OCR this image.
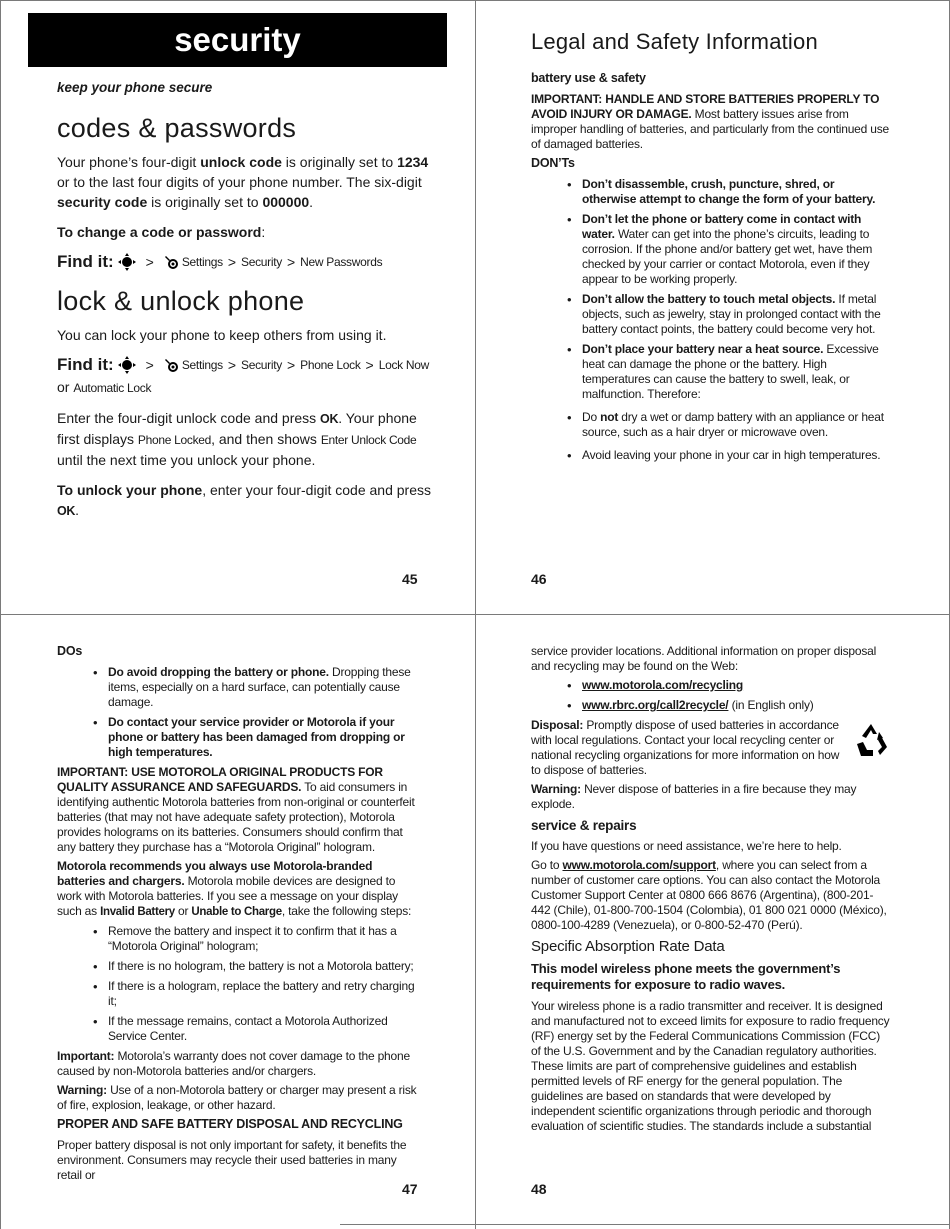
security

keep your phone secure

codes & passwords

Your phone’s four-digit unlock code is originally set to 1234 or to the last four digits of your phone number. The six-digit security code is originally set to 000000.

To change a code or password:

Find it: > Settings > Security > New Passwords
lock & unlock phone

You can lock your phone to keep others from using it.

Find it: > Settings > Security > Phone Lock > Lock Now

or Automatic Lock

Enter the four-digit unlock code and press OK. Your phone first displays Phone Locked, and then shows Enter Unlock Code until the next time you unlock your phone.

To unlock your phone, enter your four-digit code and press OK.

45
Legal and Safety Information
battery use & safety

IMPORTANT: HANDLE AND STORE BATTERIES PROPERLY TO AVOID INJURY OR DAMAGE. Most battery issues arise from improper handling of batteries, and particularly from the continued use of damaged batteries.

DON’Ts
• Don’t disassemble, crush, puncture, shred, or otherwise attempt to change the form of your battery.
• Don’t let the phone or battery come in contact with water. Water can get into the phone’s circuits, leading to corrosion. If the phone and/or battery get wet, have them checked by your carrier or contact Motorola, even if they appear to be working properly.
• Don’t allow the battery to touch metal objects. If metal objects, such as jewelry, stay in prolonged contact with the battery contact points, the battery could become very hot.
• Don’t place your battery near a heat source. Excessive heat can damage the phone or the battery. High temperatures can cause the battery to swell, leak, or malfunction. Therefore:
• Do not dry a wet or damp battery with an appliance or heat source, such as a hair dryer or microwave oven.
• Avoid leaving your phone in your car in high temperatures.
46
DOs
• Do avoid dropping the battery or phone. Dropping these items, especially on a hard surface, can potentially cause damage.
• Do contact your service provider or Motorola if your phone or battery has been damaged from dropping or high temperatures.

IMPORTANT: USE MOTOROLA ORIGINAL PRODUCTS FOR QUALITY ASSURANCE AND SAFEGUARDS. To aid consumers in identifying authentic Motorola batteries from non-original or counterfeit batteries (that may not have adequate safety protection), Motorola provides holograms on its batteries. Consumers should confirm that any battery they purchase has a “Motorola Original” hologram.

Motorola recommends you always use Motorola-branded batteries and chargers. Motorola mobile devices are designed to work with Motorola batteries. If you see a message on your display such as Invalid Battery or Unable to Charge, take the following steps:

• Remove the battery and inspect it to confirm that it has a “Motorola Original” hologram;
• If there is no hologram, the battery is not a Motorola battery;
• If there is a hologram, replace the battery and retry charging it;
• If the message remains, contact a Motorola Authorized Service Center.

Important: Motorola’s warranty does not cover damage to the phone caused by non-Motorola batteries and/or chargers.

Warning: Use of a non-Motorola battery or charger may present a risk of fire, explosion, leakage, or other hazard.

PROPER AND SAFE BATTERY DISPOSAL AND RECYCLING

Proper battery disposal is not only important for safety, it benefits the environment. Consumers may recycle their used batteries in many retail or

47

service provider locations. Additional information on proper disposal and recycling may be found on the Web:

• www.motorola.com/recycling
• www.rbrc.org/call2recycle/ (in English only)

Disposal: Promptly dispose of used batteries in accordance with local regulations. Contact your local recycling center or national recycling organizations for more information on how to dispose of batteries.

Warning: Never dispose of batteries in a fire because they may explode.

service & repairs

If you have questions or need assistance, we’re here to help.

Go to www.motorola.com/support, where you can select from a number of customer care options. You can also contact the Motorola Customer Support Center at 0800 666 8676 (Argentina), (800-201-442 (Chile), 01-800-700-1504 (Colombia), 01 800 021 0000 (México), 0800-100-4289 (Venezuela), or 0-800-52-470 (Perú).

Specific Absorption Rate Data

This model wireless phone meets the government’s requirements for exposure to radio waves.

Your wireless phone is a radio transmitter and receiver. It is designed and manufactured not to exceed limits for exposure to radio frequency (RF) energy set by the Federal Communications Commission (FCC) of the U.S. Government and by the Canadian regulatory authorities. These limits are part of comprehensive guidelines and establish permitted levels of RF energy for the general population. The guidelines are based on standards that were developed by independent scientific organizations through periodic and thorough evaluation of scientific studies. The standards include a substantial

48
